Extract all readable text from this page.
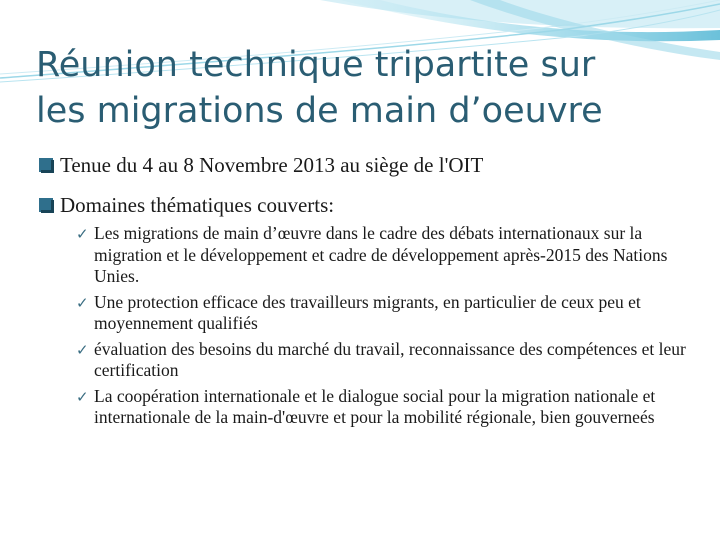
Réunion technique tripartite sur
les migrations de main d’oeuvre
Tenue du 4 au 8 Novembre 2013 au siège de l'OIT
Domaines thématiques couverts:
✓ Les migrations de main d’œuvre dans le cadre des débats internationaux sur la migration et le développement et cadre de développement après-2015 des Nations Unies.
✓ Une protection efficace des travailleurs migrants, en particulier de ceux peu et moyennement qualifiés
✓ évaluation des besoins du marché du travail, reconnaissance des compétences et leur certification
✓ La coopération internationale et le dialogue social pour la migration nationale et internationale de la main-d'œuvre et pour la mobilité régionale, bien gouverneés
